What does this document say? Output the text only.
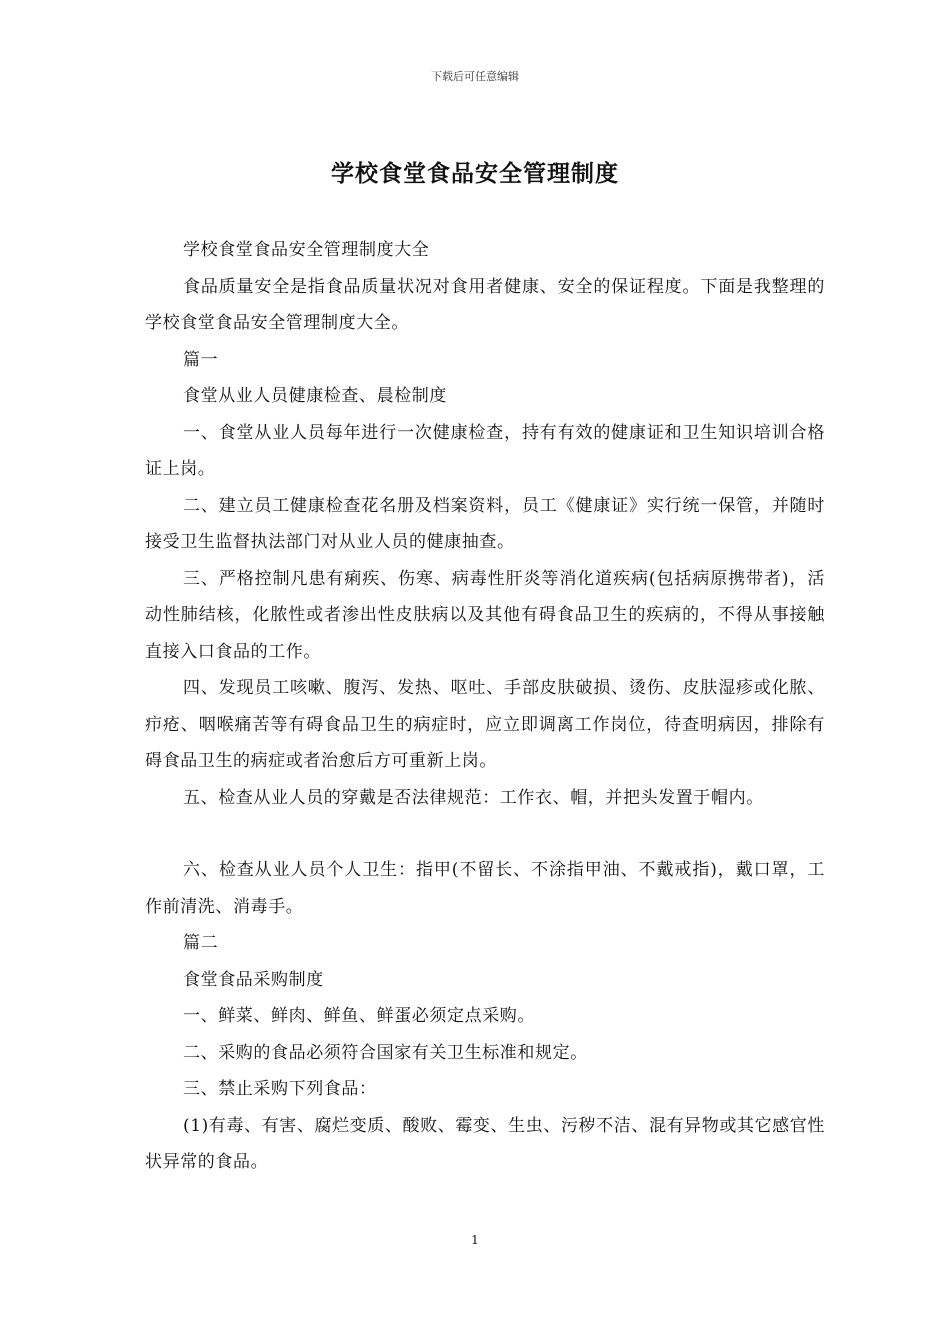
下载后可任意编辑
学校食堂食品安全管理制度

学校食堂食品安全管理制度大全

食品质量安全是指食品质量状况对食用者健康、安全的保证程度。下面是我整理的学校食堂食品安全管理制度大全。

篇一

食堂从业人员健康检查、晨检制度

一、食堂从业人员每年进行一次健康检查，持有有效的健康证和卫生知识培训合格证上岗。

二、建立员工健康检查花名册及档案资料，员工《健康证》实行统一保管，并随时接受卫生监督执法部门对从业人员的健康抽查。

三、严格控制凡患有痢疾、伤寒、病毒性肝炎等消化道疾病(包括病原携带者)，活动性肺结核，化脓性或者渗出性皮肤病以及其他有碍食品卫生的疾病的，不得从事接触直接入口食品的工作。

四、发现员工咳嗽、腹泻、发热、呕吐、手部皮肤破损、烫伤、皮肤湿疹或化脓、疖疮、咽喉痛苦等有碍食品卫生的病症时，应立即调离工作岗位，待查明病因，排除有碍食品卫生的病症或者治愈后方可重新上岗。

五、检查从业人员的穿戴是否法律规范：工作衣、帽，并把头发置于帽内。

六、检查从业人员个人卫生：指甲(不留长、不涂指甲油、不戴戒指)，戴口罩，工作前清洗、消毒手。

篇二

食堂食品采购制度

一、鲜菜、鲜肉、鲜鱼、鲜蛋必须定点采购。

二、采购的食品必须符合国家有关卫生标准和规定。

三、禁止采购下列食品：

(1)有毒、有害、腐烂变质、酸败、霉变、生虫、污秽不洁、混有异物或其它感官性状异常的食品。

1
